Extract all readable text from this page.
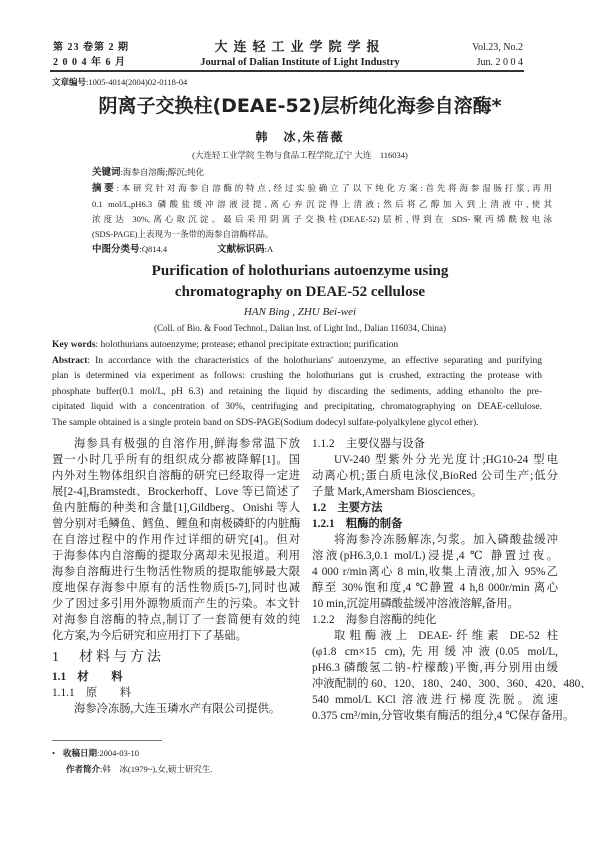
第 23 卷第 2 期
2 0 0 4 年 6 月
大连轻工业学院学报
Journal of Dalian Institute of Light Industry
Vol.23, No.2
Jun. 2 0 0 4
文章编号:1005-4014(2004)02-0118-04
阴离子交换柱(DEAE-52)层析纯化海参自溶酶*
韩　冰,朱蓓薇
(大连轻工业学院 生物与食品工程学院,辽宁 大连　116034)
关键词:海参自溶酶;醇沉;纯化
摘要:本研究针对海参自溶酶的特点,经过实验确立了以下纯化方案:首先将海参湿肠打浆,再用
0.1 mol/L,pH6.3 磷酸盐缓冲溶液浸提,离心弃沉淀得上清液;然后将乙醇加入到上清液中,使其
浓度达 30%,离心取沉淀。最后采用阴离子交换柱(DEAE-52)层析,得到在 SDS-聚丙烯酰胺电泳
(SDS-PAGE)上表现为一条带的海参自溶酶样品。
中图分类号:Q814.4	文献标识码:A
Purification of holothurians autoenzyme using
chromatography on DEAE-52 cellulose
HAN Bing , ZHU Bei-wei
(Coll. of Bio. & Food Technol., Dalian Inst. of Light Ind., Dalian 116034, China)
Key words: holothurians autoenzyme; protease; ethanol precipitate extraction; purification
Abstract: In accordance with the characteristics of the holothurians' autoenzyme, an effective separating and purifying
plan is determined via experiment as follows: crushing the holothurians gut is crushed, extracting the protease with
phosphate buffer(0.1 mol/L, pH 6.3) and retaining the liquid by discarding the sediments, adding ethanolto the pre-
cipitated liquid with a concentration of 30%, centrifuging and precipitating, chromatographying on DEAE-cellulose.
The sample obtained is a single protein band on SDS-PAGE(Sodium dodecyl sulfate-polyalkylene glycol ether).
海参具有极强的自溶作用,鲜海参常温下放
置一小时几乎所有的组织成分都被降解[1]。国
内外对生物体组织自溶酶的研究已经取得一定进
展[2-4],Bramstedt、Brockerhoff、Love 等已简述了
鱼内脏酶的种类和含量[1],Gildberg、Onishi 等人
曾分别对毛鳞鱼、鳕鱼、鲤鱼和南极磷虾的内脏酶
在自溶过程中的作用作过详细的研究[4]。但对
于海参体内自溶酶的提取分离却未见报道。利用
海参自溶酶进行生物活性物质的提取能够最大限
度地保存海参中原有的活性物质[5-7],同时也减
少了因过多引用外源物质而产生的污染。本文针
对海参自溶酶的特点,制订了一套简便有效的纯
化方案,为今后研究和应用打下了基础。
1　材料与方法
1.1　材　　料
1.1.1　原　　料
海参冷冻肠,大连玉璘水产有限公司提供。
1.1.2　主要仪器与设备
UV-240 型紫外分光光度计;HG10-24 型电
动离心机;蛋白质电泳仪,BioRed 公司生产;低分
子量 Mark,Amersham Biosciences。
1.2　主要方法
1.2.1　粗酶的制备
将海参冷冻肠解冻,匀浆。加入磷酸盐缓冲
溶液(pH6.3,0.1 mol/L)浸提,4 ℃ 静置过夜。
4 000 r/min离心 8 min,收集上清液,加入 95%乙
醇至 30%饱和度,4 ℃静置 4 h,8 000r/min 离心
10 min,沉淀用磷酸盐缓冲溶液溶解,备用。
1.2.2　海参自溶酶的纯化
取粗酶液上 DEAE-纤维素 DE-52 柱
(φ1.8 cm×15 cm),先用缓冲液(0.05 mol/L,
pH6.3 磷酸氢二钠-柠檬酸)平衡,再分别用由缓
冲液配制的 60、120、180、240、300、360、420、480、
540 mmol/L KCl 溶液进行梯度洗脱。流速
0.375 cm³/min,分管收集有酶活的组分,4 ℃保存备用。
• 收稿日期:2004-03-10
作者简介:韩　冰(1979~),女,硕士研究生.
